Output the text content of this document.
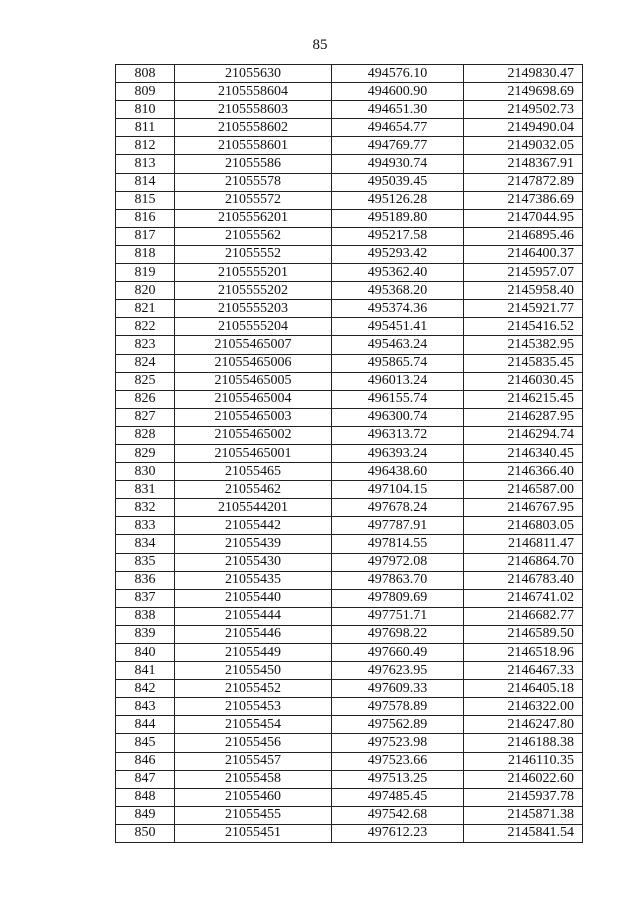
85
808	21055630	494576.10	2149830.47
809	2105558604	494600.90	2149698.69
810	2105558603	494651.30	2149502.73
811	2105558602	494654.77	2149490.04
812	2105558601	494769.77	2149032.05
813	21055586	494930.74	2148367.91
814	21055578	495039.45	2147872.89
815	21055572	495126.28	2147386.69
816	2105556201	495189.80	2147044.95
817	21055562	495217.58	2146895.46
818	21055552	495293.42	2146400.37
819	2105555201	495362.40	2145957.07
820	2105555202	495368.20	2145958.40
821	2105555203	495374.36	2145921.77
822	2105555204	495451.41	2145416.52
823	21055465007	495463.24	2145382.95
824	21055465006	495865.74	2145835.45
825	21055465005	496013.24	2146030.45
826	21055465004	496155.74	2146215.45
827	21055465003	496300.74	2146287.95
828	21055465002	496313.72	2146294.74
829	21055465001	496393.24	2146340.45
830	21055465	496438.60	2146366.40
831	21055462	497104.15	2146587.00
832	2105544201	497678.24	2146767.95
833	21055442	497787.91	2146803.05
834	21055439	497814.55	2146811.47
835	21055430	497972.08	2146864.70
836	21055435	497863.70	2146783.40
837	21055440	497809.69	2146741.02
838	21055444	497751.71	2146682.77
839	21055446	497698.22	2146589.50
840	21055449	497660.49	2146518.96
841	21055450	497623.95	2146467.33
842	21055452	497609.33	2146405.18
843	21055453	497578.89	2146322.00
844	21055454	497562.89	2146247.80
845	21055456	497523.98	2146188.38
846	21055457	497523.66	2146110.35
847	21055458	497513.25	2146022.60
848	21055460	497485.45	2145937.78
849	21055455	497542.68	2145871.38
850	21055451	497612.23	2145841.54
